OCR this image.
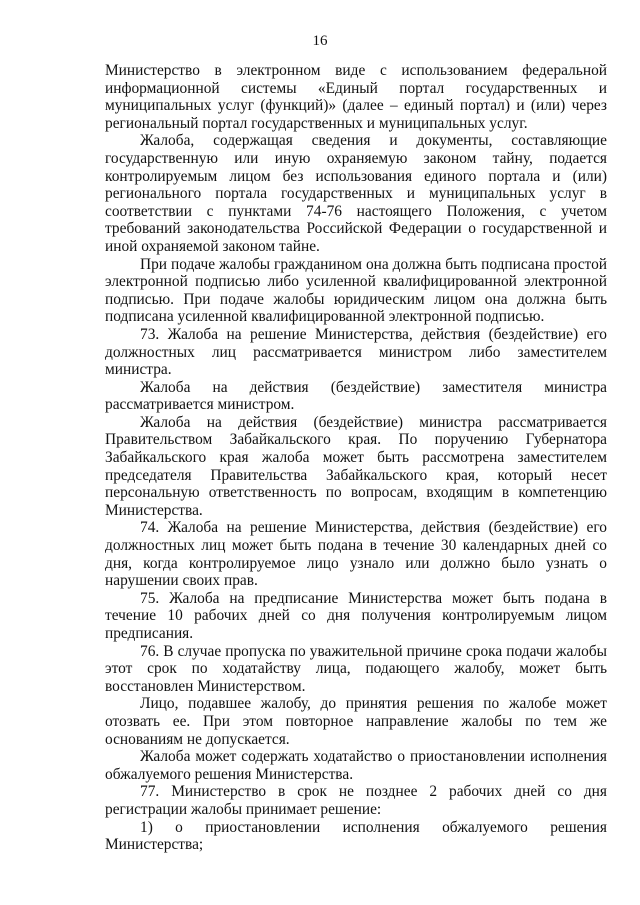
16

Министерство в электронном виде с использованием федеральной информационной системы «Единый портал государственных и муниципальных услуг (функций)» (далее – единый портал) и (или) через региональный портал государственных и муниципальных услуг.

Жалоба, содержащая сведения и документы, составляющие государственную или иную охраняемую законом тайну, подается контролируемым лицом без использования единого портала и (или) регионального портала государственных и муниципальных услуг в соответствии с пунктами 74-76 настоящего Положения, с учетом требований законодательства Российской Федерации о государственной и иной охраняемой законом тайне.

При подаче жалобы гражданином она должна быть подписана простой электронной подписью либо усиленной квалифицированной электронной подписью. При подаче жалобы юридическим лицом она должна быть подписана усиленной квалифицированной электронной подписью.

73. Жалоба на решение Министерства, действия (бездействие) его должностных лиц рассматривается министром либо заместителем министра.

Жалоба на действия (бездействие) заместителя министра рассматривается министром.

Жалоба на действия (бездействие) министра рассматривается Правительством Забайкальского края. По поручению Губернатора Забайкальского края жалоба может быть рассмотрена заместителем председателя Правительства Забайкальского края, который несет персональную ответственность по вопросам, входящим в компетенцию Министерства.

74. Жалоба на решение Министерства, действия (бездействие) его должностных лиц может быть подана в течение 30 календарных дней со дня, когда контролируемое лицо узнало или должно было узнать о нарушении своих прав.

75. Жалоба на предписание Министерства может быть подана в течение 10 рабочих дней со дня получения контролируемым лицом предписания.

76. В случае пропуска по уважительной причине срока подачи жалобы этот срок по ходатайству лица, подающего жалобу, может быть восстановлен Министерством.

Лицо, подавшее жалобу, до принятия решения по жалобе может отозвать ее. При этом повторное направление жалобы по тем же основаниям не допускается.

Жалоба может содержать ходатайство о приостановлении исполнения обжалуемого решения Министерства.

77. Министерство в срок не позднее 2 рабочих дней со дня регистрации жалобы принимает решение:

1) о приостановлении исполнения обжалуемого решения Министерства;
